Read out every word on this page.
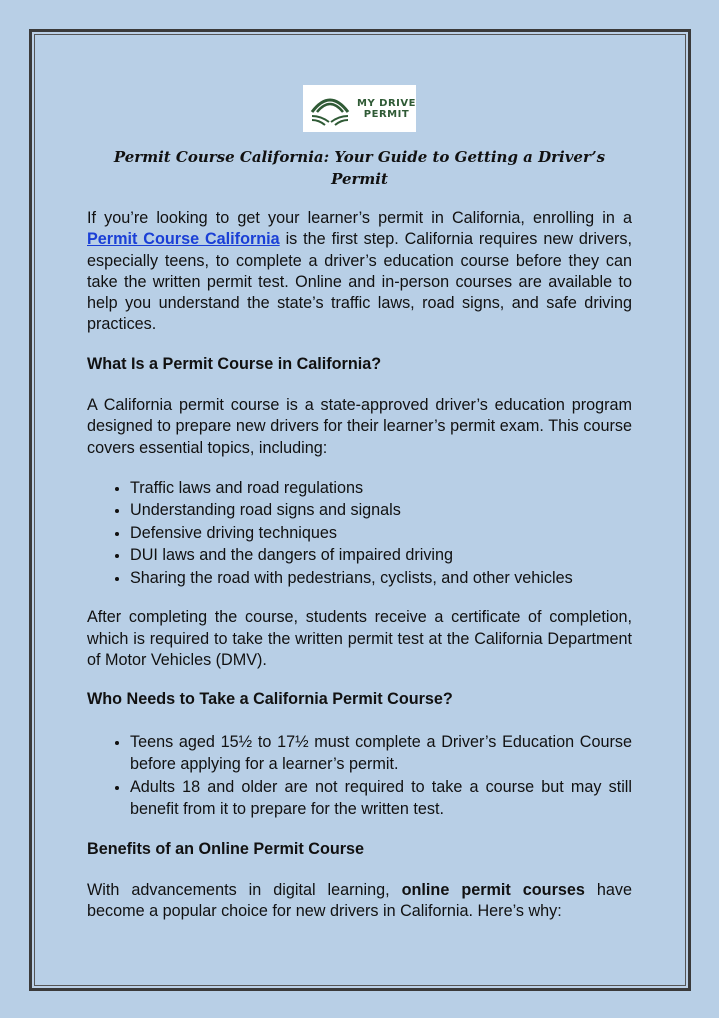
MY DRIVE
PERMIT
Permit Course California: Your Guide to Getting a Driver’s Permit

If you’re looking to get your learner’s permit in California, enrolling in a Permit Course California is the first step. California requires new drivers, especially teens, to complete a driver’s education course before they can take the written permit test. Online and in-person courses are available to help you understand the state’s traffic laws, road signs, and safe driving practices.

What Is a Permit Course in California?

A California permit course is a state-approved driver’s education program designed to prepare new drivers for their learner’s permit exam. This course covers essential topics, including:

• Traffic laws and road regulations
• Understanding road signs and signals
• Defensive driving techniques
• DUI laws and the dangers of impaired driving
• Sharing the road with pedestrians, cyclists, and other vehicles

After completing the course, students receive a certificate of completion, which is required to take the written permit test at the California Department of Motor Vehicles (DMV).

Who Needs to Take a California Permit Course?

• Teens aged 15½ to 17½ must complete a Driver’s Education Course before applying for a learner’s permit.
• Adults 18 and older are not required to take a course but may still benefit from it to prepare for the written test.

Benefits of an Online Permit Course

With advancements in digital learning, online permit courses have become a popular choice for new drivers in California. Here’s why:
